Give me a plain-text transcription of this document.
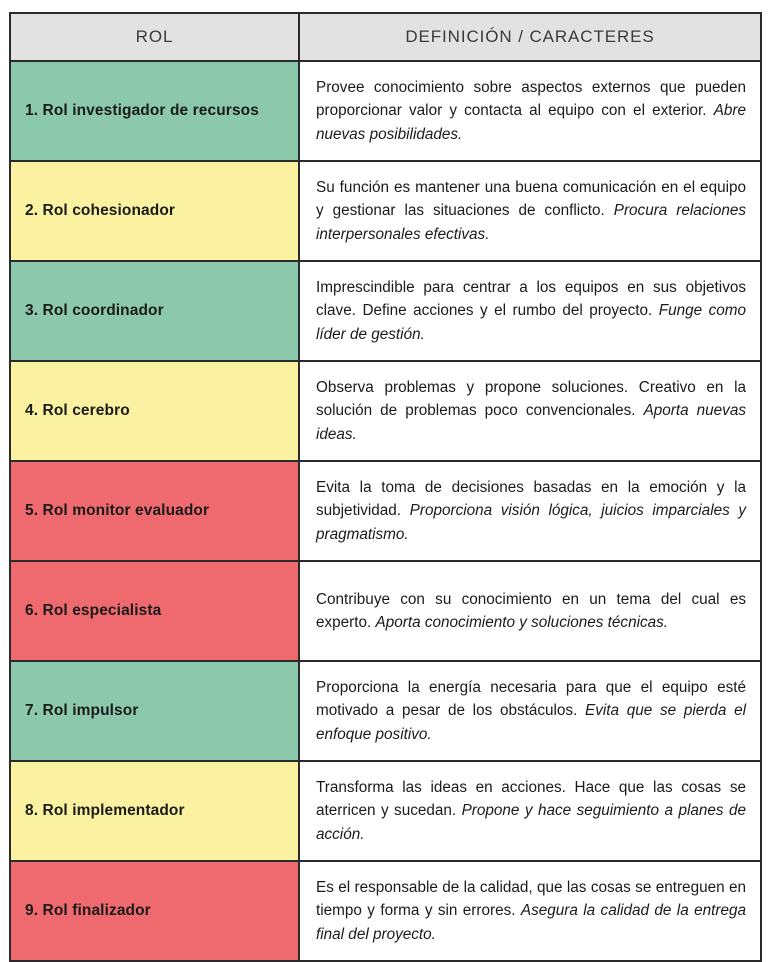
ROL	DEFINICIÓN / CARACTERES
1. Rol investigador de recursos	Provee conocimiento sobre aspectos externos que pueden proporcionar valor y contacta al equipo con el exterior. Abre nuevas posibilidades.

2. Rol cohesionador	Su función es mantener una buena comunicación en el equipo y gestionar las situaciones de conflicto. Procura relaciones interpersonales efectivas.

3. Rol coordinador	Imprescindible para centrar a los equipos en sus objetivos clave. Define acciones y el rumbo del proyecto. Funge como líder de gestión.

4. Rol cerebro	Observa problemas y propone soluciones. Creativo en la solución de problemas poco convencionales. Aporta nuevas ideas.

5. Rol monitor evaluador	Evita la toma de decisiones basadas en la emoción y la subjetividad. Proporciona visión lógica, juicios imparciales y pragmatismo.

6. Rol especialista	Contribuye con su conocimiento en un tema del cual es experto. Aporta conocimiento y soluciones técnicas.

7. Rol impulsor	Proporciona la energía necesaria para que el equipo esté motivado a pesar de los obstáculos. Evita que se pierda el enfoque positivo.

8. Rol implementador	Transforma las ideas en acciones. Hace que las cosas se aterricen y sucedan. Propone y hace seguimiento a planes de acción.

9. Rol finalizador	Es el responsable de la calidad, que las cosas se entreguen en tiempo y forma y sin errores. Asegura la calidad de la entrega final del proyecto.
